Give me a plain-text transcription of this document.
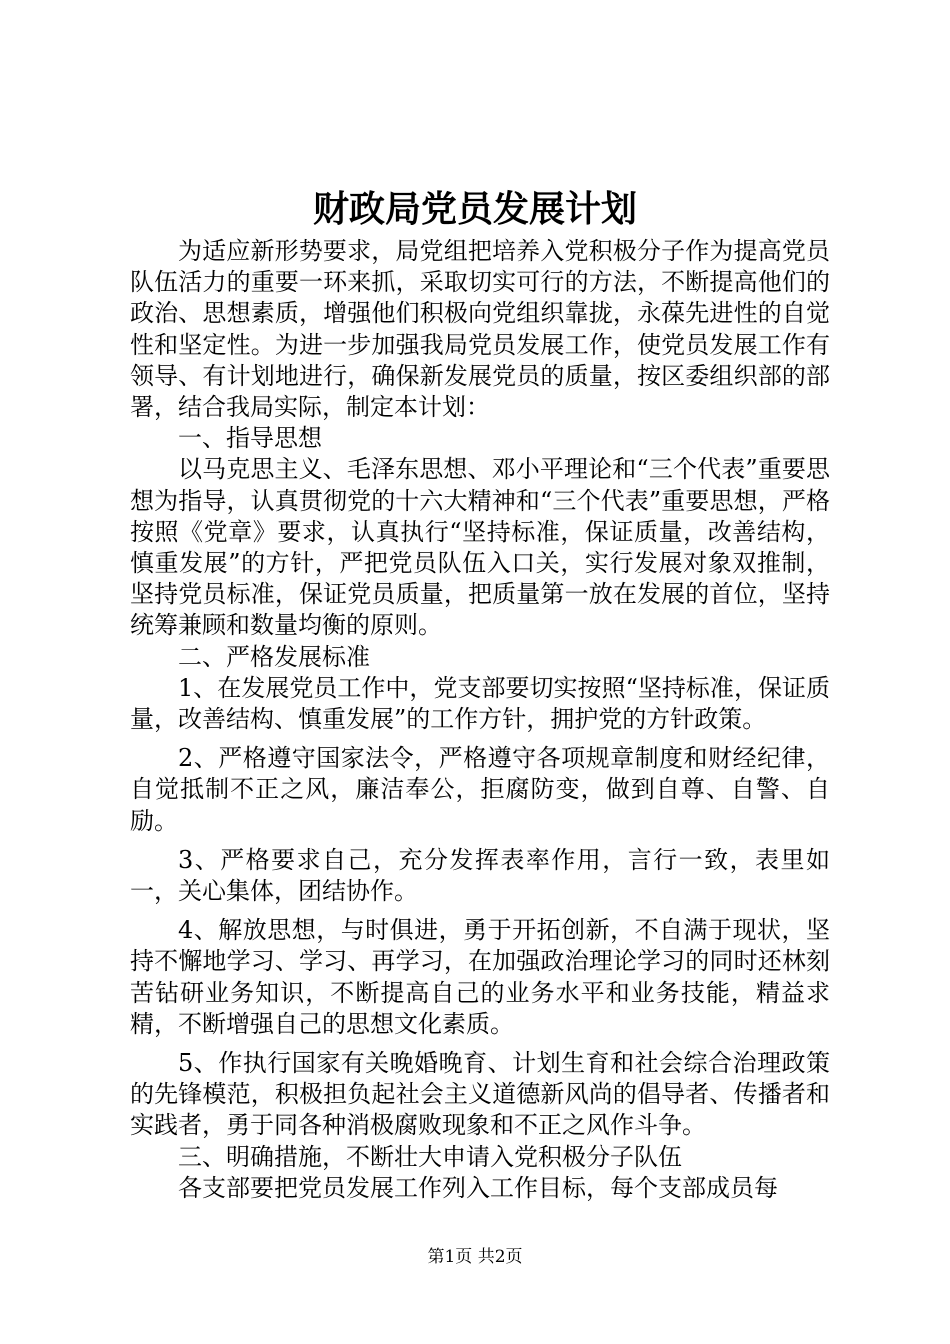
财政局党员发展计划

为适应新形势要求，局党组把培养入党积极分子作为提高党员队伍活力的重要一环来抓，采取切实可行的方法，不断提高他们的政治、思想素质，增强他们积极向党组织靠拢，永葆先进性的自觉性和坚定性。为进一步加强我局党员发展工作，使党员发展工作有领导、有计划地进行，确保新发展党员的质量，按区委组织部的部署，结合我局实际，制定本计划：

一、指导思想

以马克思主义、毛泽东思想、邓小平理论和“三个代表”重要思想为指导，认真贯彻党的十六大精神和“三个代表”重要思想，严格按照《党章》要求，认真执行“坚持标准，保证质量，改善结构，慎重发展”的方针，严把党员队伍入口关，实行发展对象双推制，坚持党员标准，保证党员质量，把质量第一放在发展的首位，坚持统筹兼顾和数量均衡的原则。

二、严格发展标准

1、在发展党员工作中，党支部要切实按照“坚持标准，保证质量，改善结构、慎重发展”的工作方针，拥护党的方针政策。

2、严格遵守国家法令，严格遵守各项规章制度和财经纪律，自觉抵制不正之风，廉洁奉公，拒腐防变，做到自尊、自警、自励。

3、严格要求自己，充分发挥表率作用，言行一致，表里如一，关心集体，团结协作。

4、解放思想，与时俱进，勇于开拓创新，不自满于现状，坚持不懈地学习、学习、再学习，在加强政治理论学习的同时还林刻苦钻研业务知识，不断提高自己的业务水平和业务技能，精益求精，不断增强自己的思想文化素质。

5、作执行国家有关晚婚晚育、计划生育和社会综合治理政策的先锋模范，积极担负起社会主义道德新风尚的倡导者、传播者和实践者，勇于同各种消极腐败现象和不正之风作斗争。

三、明确措施，不断壮大申请入党积极分子队伍

各支部要把党员发展工作列入工作目标，每个支部成员每

第1页 共2页
